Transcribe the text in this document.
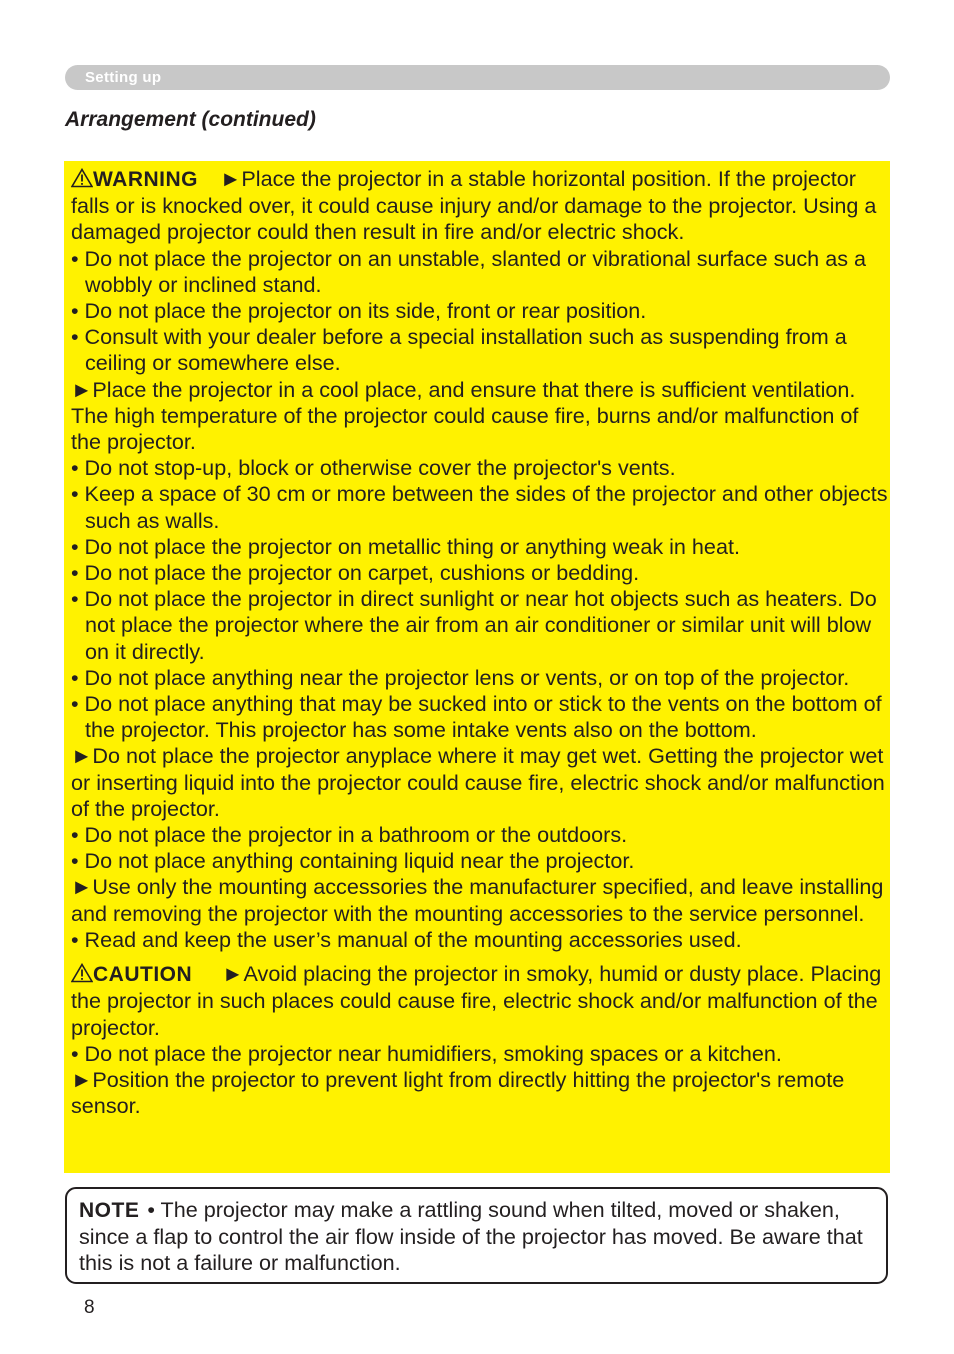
Setting up
Arrangement (continued)

WARNING ►Place the projector in a stable horizontal position. If the projector falls or is knocked over, it could cause injury and/or damage to the projector. Using a damaged projector could then result in fire and/or electric shock.

• Do not place the projector on an unstable, slanted or vibrational surface such as a wobbly or inclined stand.

• Do not place the projector on its side, front or rear position.

• Consult with your dealer before a special installation such as suspending from a ceiling or somewhere else.

►Place the projector in a cool place, and ensure that there is sufficient ventilation. The high temperature of the projector could cause fire, burns and/or malfunction of the projector.

• Do not stop-up, block or otherwise cover the projector's vents.

• Keep a space of 30 cm or more between the sides of the projector and other objects such as walls.

• Do not place the projector on metallic thing or anything weak in heat.

• Do not place the projector on carpet, cushions or bedding.

• Do not place the projector in direct sunlight or near hot objects such as heaters. Do not place the projector where the air from an air conditioner or similar unit will blow on it directly.

• Do not place anything near the projector lens or vents, or on top of the projector.

• Do not place anything that may be sucked into or stick to the vents on the bottom of the projector. This projector has some intake vents also on the bottom.

►Do not place the projector anyplace where it may get wet. Getting the projector wet or inserting liquid into the projector could cause fire, electric shock and/or malfunction of the projector.

• Do not place the projector in a bathroom or the outdoors.

• Do not place anything containing liquid near the projector.

►Use only the mounting accessories the manufacturer specified, and leave installing and removing the projector with the mounting accessories to the service personnel.

• Read and keep the user’s manual of the mounting accessories used.

CAUTION ►Avoid placing the projector in smoky, humid or dusty place. Placing the projector in such places could cause fire, electric shock and/or malfunction of the projector.

• Do not place the projector near humidifiers, smoking spaces or a kitchen.

►Position the projector to prevent light from directly hitting the projector's remote sensor.

NOTE • The projector may make a rattling sound when tilted, moved or shaken, since a flap to control the air flow inside of the projector has moved. Be aware that this is not a failure or malfunction.
8
